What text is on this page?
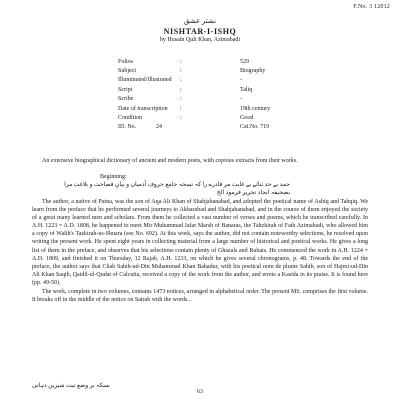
F.No. 3 12012
نشتر عشق
NISHTAR-I-ISHQ
by Husain Quli Khan, Azimabadi
Folios	:	529
Subject	:	Biography
Illuminated/Illustrated	:	-
Script	:	Taliq
Scribe	:	-
Date of transcription	:	19th century
Condition	:	Good
ID. No.	24	Cat.No. 719
An extensive biographical dictionary of ancient and modern poets, with copious extracts from their works.
Beginning:
حمد بے حد ثنائے بے غایت مر قادرے را کہ نسخہ جامع حروف آدمیان و بیانِ فصاحت و بلاغت مرا
بصحیفہ ایجاد تحریر فرمود الخ

The author, a native of Patna, was the son of Aqa Ali Khan of Shahjahanabad, and adopted the poetical name of Ashiq and Tahqiq. We learn from the preface that he performed several journeys to Akbarabad and Shahjahanabad, and in the course of them enjoyed the society of a great many learned men and scholars. From them he collected a vast number of verses and poems, which he transcribed carefully. In A.H. 1223 = A.D. 1808, he happened to meet Mir Muhammad Jafar Marsh of Banaras, the Tahzkirah of Fath Azimabadi, who allowed him a copy of Walih's Tazkirah-us-Shuara (see No. 692). At this work, says the author, did not contain noteworthy selections, he resolved upon writing the present work. He spent eight years in collecting material from a large number of historical and poetical works. He gives a long list of them in the preface, and observes that his selections contain plenty of Ghazals and Rubais. He commenced the work in A.H. 1224 = A.D. 1809, and finished it on Thursday, 12 Rajab, A.H. 1233, on which he gives several chronograms, p. 48. Towards the end of the preface, the author says that Chah Sahib-ud-Din Muhammad Khan Bahadur, with his poetical nom de plume Sahib, son of Hajmi-ud-Din Ali Khan Saqib, Qaidil-ul-Qudat of Calcutta, received a copy of the work from the author, and wrote a Kasida in its praise. It is found here (pp. 49-50).

The work, complete in two volumes, contains 1473 notices, arranged in alphabetical order. The present MS. comprises the first volume. It breaks off in the middle of the notice on Sairab with the words...

بسکہ بر وضع تیت شیرین دہانی
63
